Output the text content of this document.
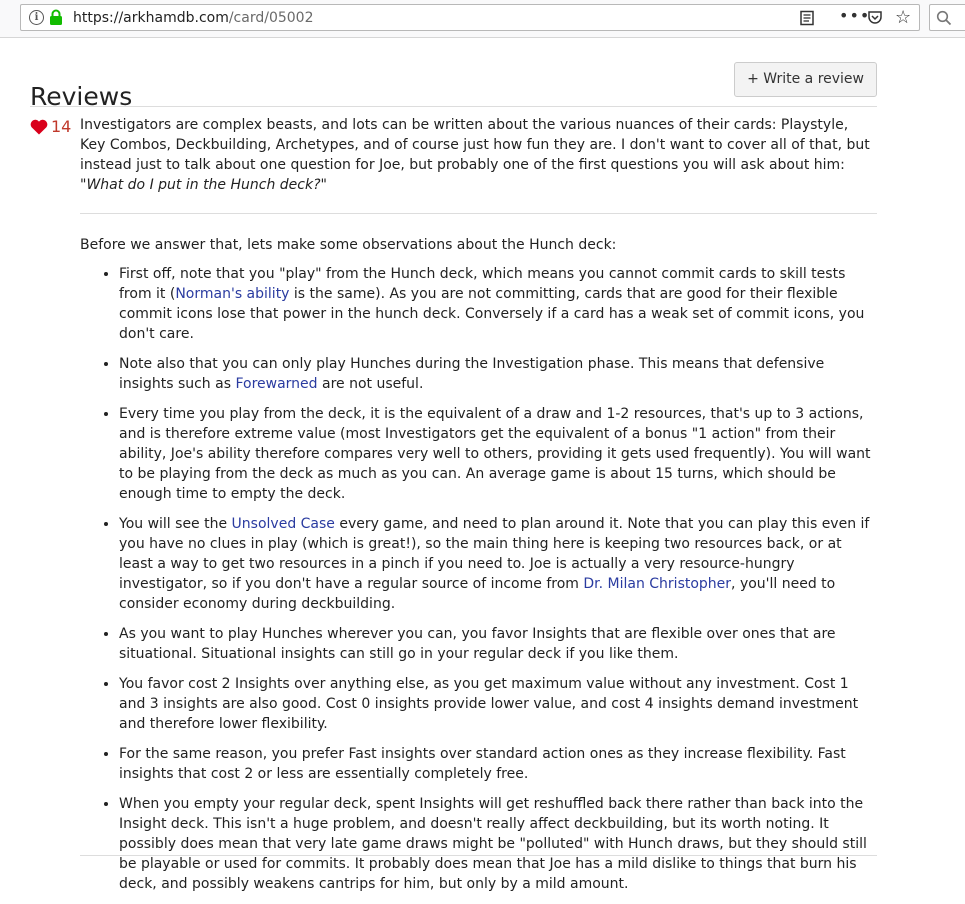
i	https://arkhamdb.com/card/05002	••• ☆
Reviews
+ Write a review
14 Investigators are complex beasts, and lots can be written about the various nuances of their cards: Playstyle, Key Combos, Deckbuilding, Archetypes, and of course just how fun they are. I don't want to cover all of that, but instead just to talk about one question for Joe, but probably one of the first questions you will ask about him: "What do I put in the Hunch deck?"

Before we answer that, lets make some observations about the Hunch deck:

• First off, note that you "play" from the Hunch deck, which means you cannot commit cards to skill tests from it (Norman's ability is the same). As you are not committing, cards that are good for their flexible commit icons lose that power in the hunch deck. Conversely if a card has a weak set of commit icons, you don't care.
• Note also that you can only play Hunches during the Investigation phase. This means that defensive insights such as Forewarned are not useful.
• Every time you play from the deck, it is the equivalent of a draw and 1-2 resources, that's up to 3 actions, and is therefore extreme value (most Investigators get the equivalent of a bonus "1 action" from their ability, Joe's ability therefore compares very well to others, providing it gets used frequently). You will want to be playing from the deck as much as you can. An average game is about 15 turns, which should be enough time to empty the deck.
• You will see the Unsolved Case every game, and need to plan around it. Note that you can play this even if you have no clues in play (which is great!), so the main thing here is keeping two resources back, or at least a way to get two resources in a pinch if you need to. Joe is actually a very resource-hungry investigator, so if you don't have a regular source of income from Dr. Milan Christopher, you'll need to consider economy during deckbuilding.
• As you want to play Hunches wherever you can, you favor Insights that are flexible over ones that are situational. Situational insights can still go in your regular deck if you like them.
• You favor cost 2 Insights over anything else, as you get maximum value without any investment. Cost 1 and 3 insights are also good. Cost 0 insights provide lower value, and cost 4 insights demand investment and therefore lower flexibility.
• For the same reason, you prefer Fast insights over standard action ones as they increase flexibility. Fast insights that cost 2 or less are essentially completely free.
• When you empty your regular deck, spent Insights will get reshuffled back there rather than back into the Insight deck. This isn't a huge problem, and doesn't really affect deckbuilding, but its worth noting. It possibly does mean that very late game draws might be "polluted" with Hunch draws, but they should still be playable or used for commits. It probably does mean that Joe has a mild dislike to things that burn his deck, and possibly weakens cantrips for him, but only by a mild amount.
